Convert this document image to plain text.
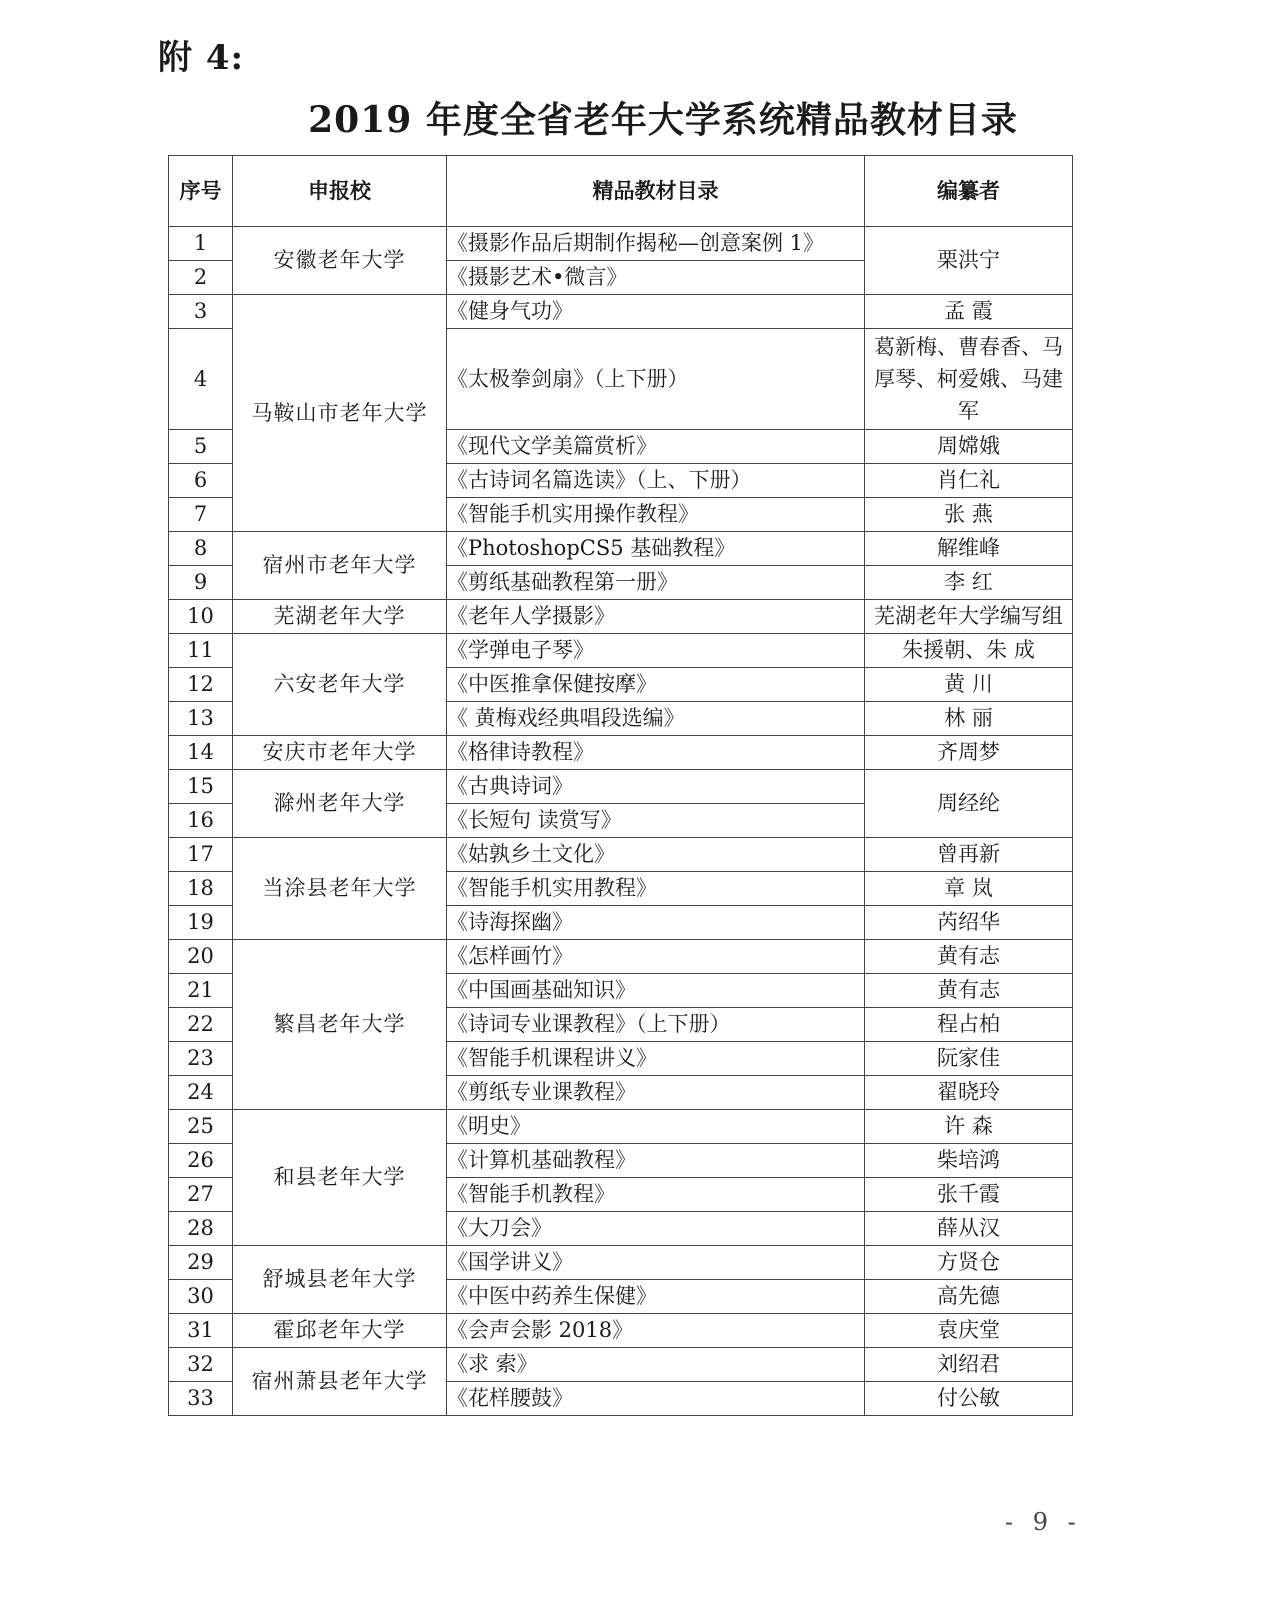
附 4:
2019 年度全省老年大学系统精品教材目录
序号	申报校	精品教材目录	编纂者
1	安徽老年大学	《摄影作品后期制作揭秘—创意案例 1》	栗洪宁
2		《摄影艺术•微言》	
3	马鞍山市老年大学	《健身气功》	孟 霞
4		《太极拳剑扇》（上下册）	葛新梅、曹春香、马厚琴、柯爱娥、马建军
5		《现代文学美篇赏析》	周嫦娥
6		《古诗词名篇选读》（上、下册）	肖仁礼
7		《智能手机实用操作教程》	张 燕
8	宿州市老年大学	《PhotoshopCS5 基础教程》	解维峰
9		《剪纸基础教程第一册》	李 红
10	芜湖老年大学	《老年人学摄影》	芜湖老年大学编写组
11	六安老年大学	《学弹电子琴》	朱援朝、朱 成
12		《中医推拿保健按摩》	黄 川
13		《 黄梅戏经典唱段选编》	林 丽
14	安庆市老年大学	《格律诗教程》	齐周梦
15	滁州老年大学	《古典诗词》	周经纶
16		《长短句 读赏写》	
17	当涂县老年大学	《姑孰乡土文化》	曾再新
18		《智能手机实用教程》	章 岚
19		《诗海探幽》	芮绍华
20	繁昌老年大学	《怎样画竹》	黄有志
21		《中国画基础知识》	黄有志
22		《诗词专业课教程》（上下册）	程占柏
23		《智能手机课程讲义》	阮家佳
24		《剪纸专业课教程》	翟晓玲
25	和县老年大学	《明史》	许 森
26		《计算机基础教程》	柴培鸿
27		《智能手机教程》	张千霞
28		《大刀会》	薛从汉
29	舒城县老年大学	《国学讲义》	方贤仓
30		《中医中药养生保健》	高先德
31	霍邱老年大学	《会声会影 2018》	袁庆堂
32	宿州萧县老年大学	《求 索》	刘绍君
33		《花样腰鼓》	付公敏
- 9 -
